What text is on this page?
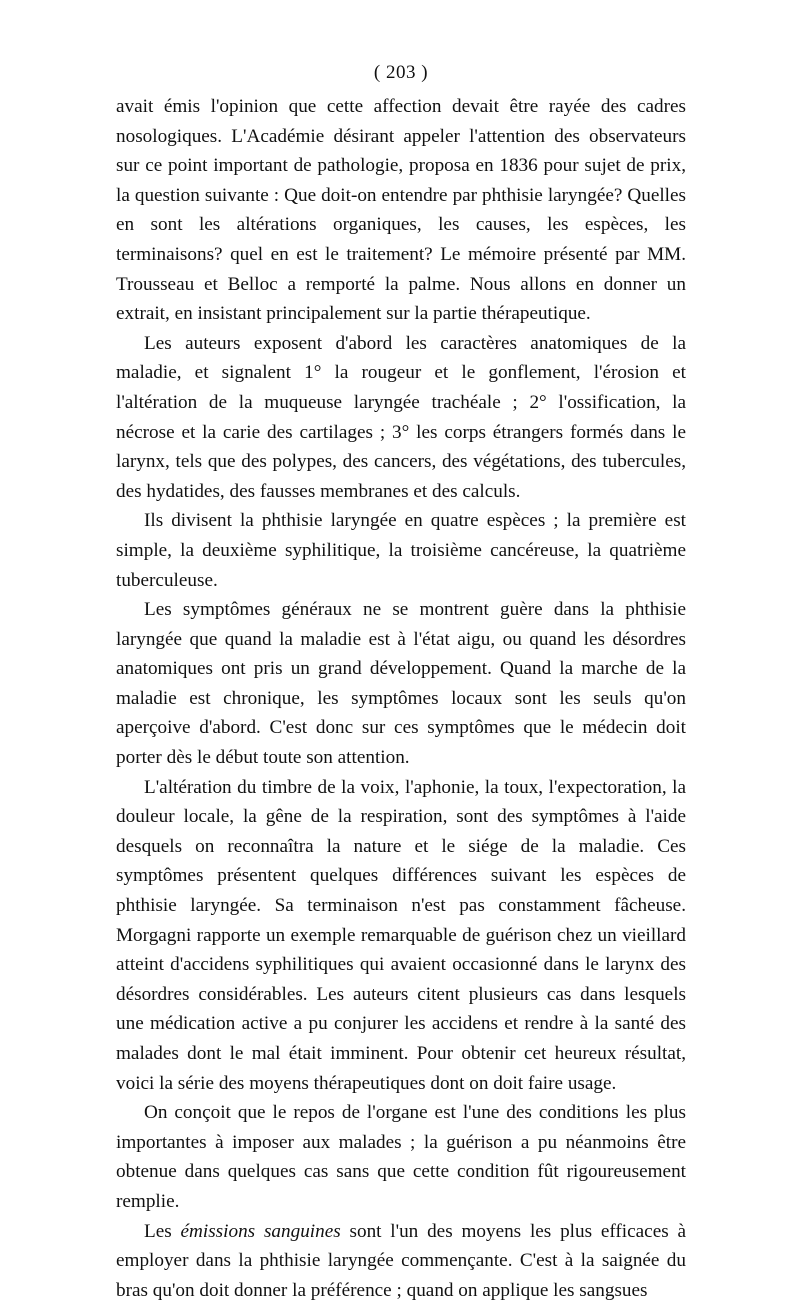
( 203 )

avait émis l'opinion que cette affection devait être rayée des cadres nosologiques. L'Académie désirant appeler l'attention des observateurs sur ce point important de pathologie, proposa en 1836 pour sujet de prix, la question suivante : Que doit-on entendre par phthisie laryngée? Quelles en sont les altérations organiques, les causes, les espèces, les terminaisons? quel en est le traitement? Le mémoire présenté par MM. Trousseau et Belloc a remporté la palme. Nous allons en donner un extrait, en insistant principalement sur la partie thérapeutique.

Les auteurs exposent d'abord les caractères anatomiques de la maladie, et signalent 1° la rougeur et le gonflement, l'érosion et l'altération de la muqueuse laryngée trachéale ; 2° l'ossification, la nécrose et la carie des cartilages ; 3° les corps étrangers formés dans le larynx, tels que des polypes, des cancers, des végétations, des tubercules, des hydatides, des fausses membranes et des calculs.

Ils divisent la phthisie laryngée en quatre espèces ; la première est simple, la deuxième syphilitique, la troisième cancéreuse, la quatrième tuberculeuse.

Les symptômes généraux ne se montrent guère dans la phthisie laryngée que quand la maladie est à l'état aigu, ou quand les désordres anatomiques ont pris un grand développement. Quand la marche de la maladie est chronique, les symptômes locaux sont les seuls qu'on aperçoive d'abord. C'est donc sur ces symptômes que le médecin doit porter dès le début toute son attention.

L'altération du timbre de la voix, l'aphonie, la toux, l'expectoration, la douleur locale, la gêne de la respiration, sont des symptômes à l'aide desquels on reconnaîtra la nature et le siége de la maladie. Ces symptômes présentent quelques différences suivant les espèces de phthisie laryngée. Sa terminaison n'est pas constamment fâcheuse. Morgagni rapporte un exemple remarquable de guérison chez un vieillard atteint d'accidens syphilitiques qui avaient occasionné dans le larynx des désordres considérables. Les auteurs citent plusieurs cas dans lesquels une médication active a pu conjurer les accidens et rendre à la santé des malades dont le mal était imminent. Pour obtenir cet heureux résultat, voici la série des moyens thérapeutiques dont on doit faire usage.

On conçoit que le repos de l'organe est l'une des conditions les plus importantes à imposer aux malades ; la guérison a pu néanmoins être obtenue dans quelques cas sans que cette condition fût rigoureusement remplie.

Les émissions sanguines sont l'un des moyens les plus efficaces à employer dans la phthisie laryngée commençante. C'est à la saignée du bras qu'on doit donner la préférence ; quand on applique les sangsues
